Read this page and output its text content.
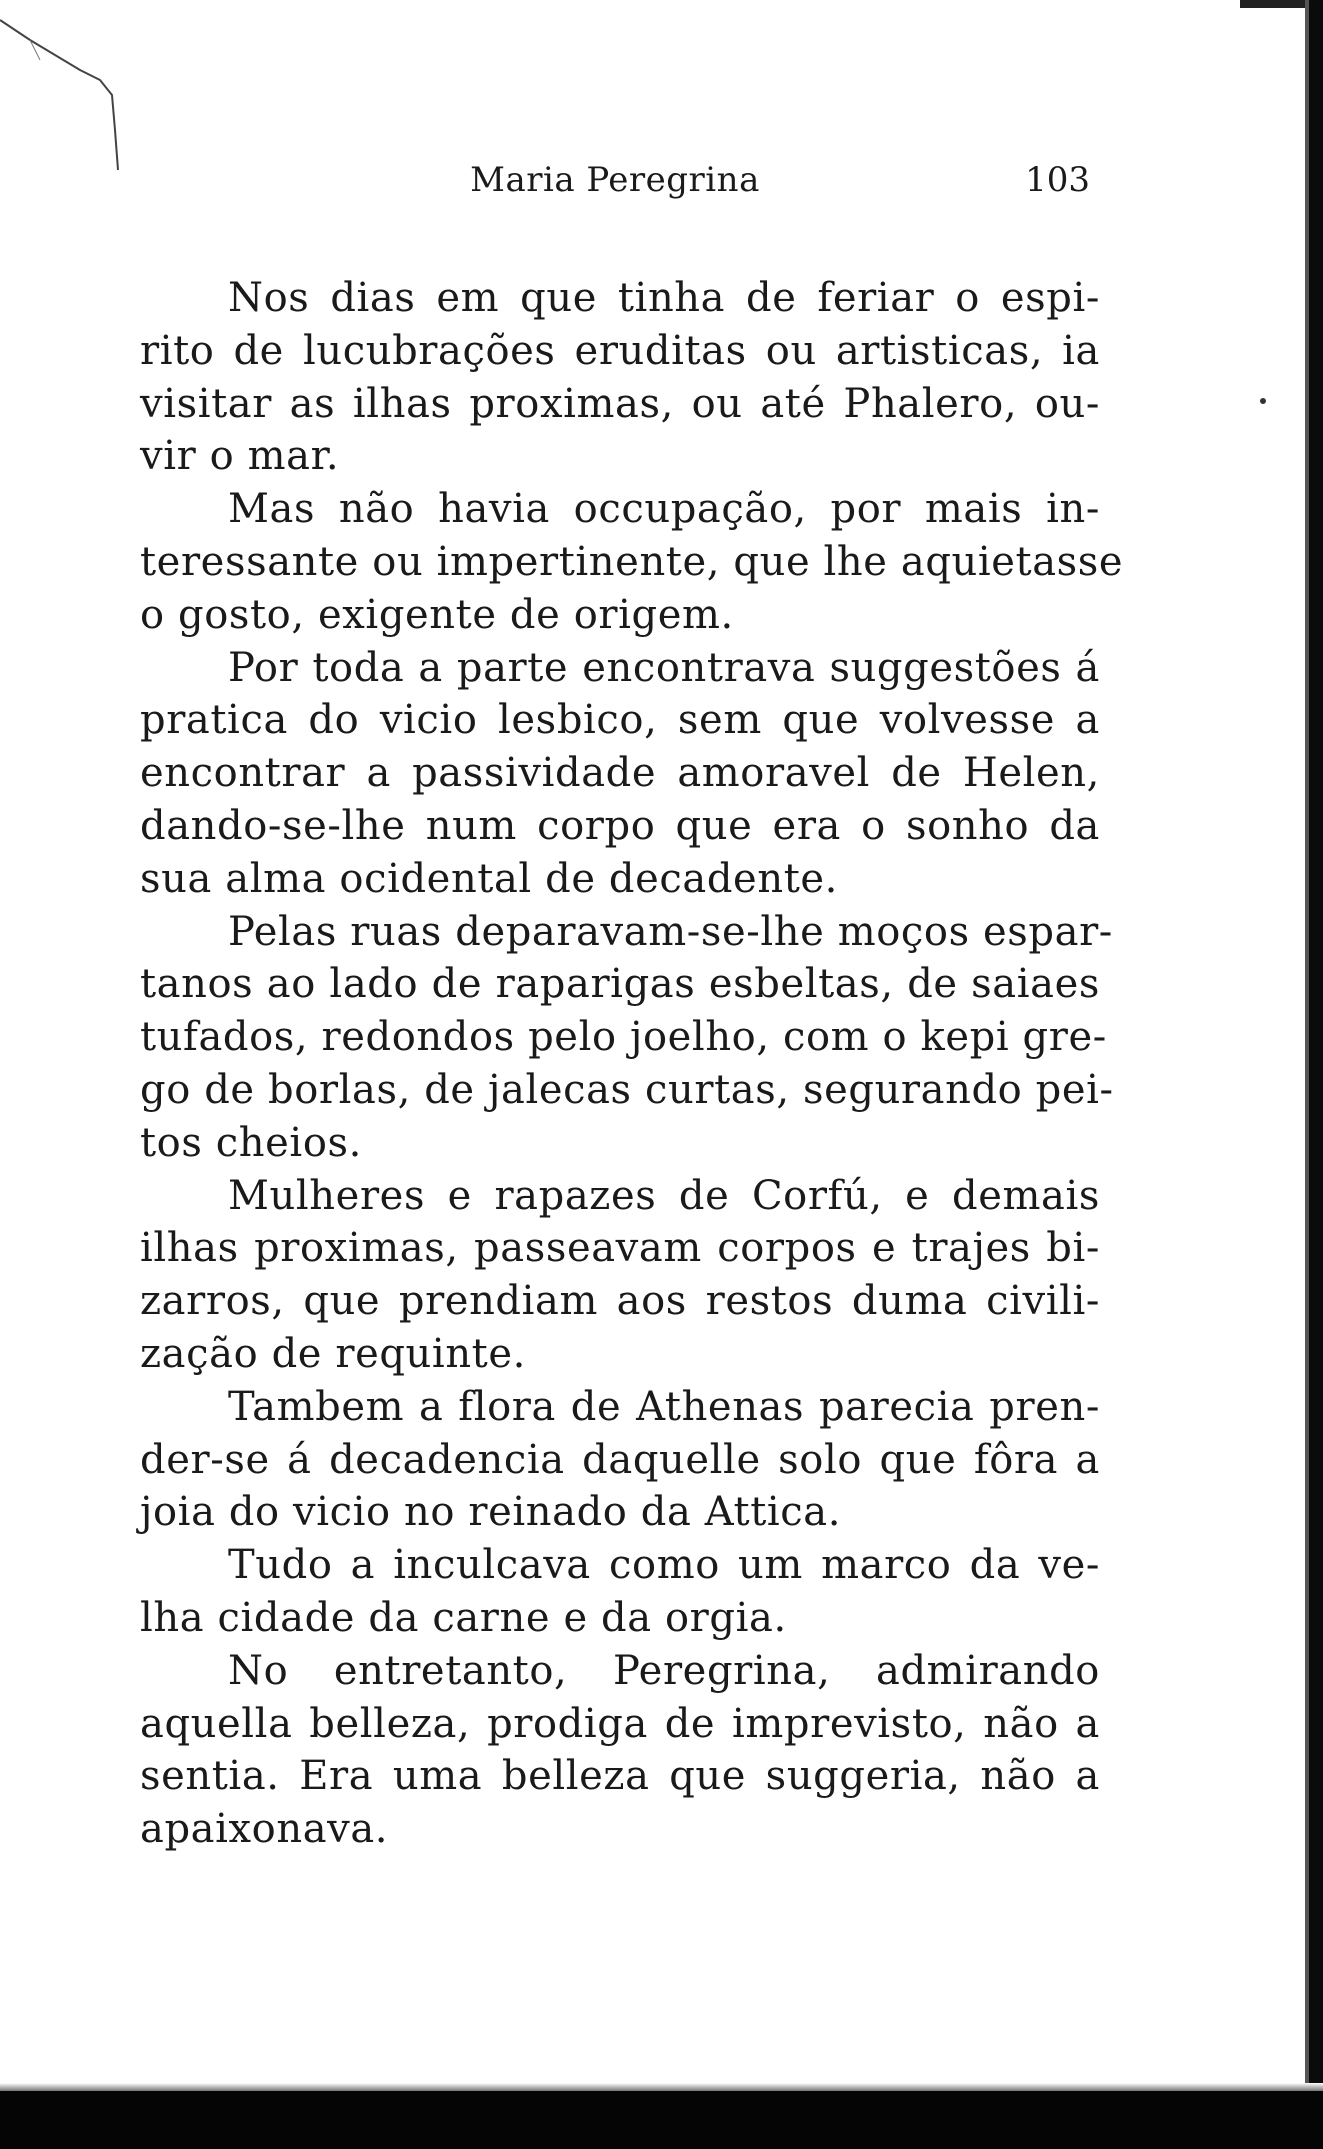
Maria Peregrina	103
Nos dias em que tinha de feriar o espi-
rito de lucubrações eruditas ou artisticas, ia
visitar as ilhas proximas, ou até Phalero, ou-
vir o mar.
Mas não havia occupação, por mais in-
teressante ou impertinente, que lhe aquietasse
o gosto, exigente de origem.
Por toda a parte encontrava suggestões á
pratica do vicio lesbico, sem que volvesse a
encontrar a passividade amoravel de Helen,
dando-se-lhe num corpo que era o sonho da
sua alma ocidental de decadente.
Pelas ruas deparavam-se-lhe moços espar-
tanos ao lado de raparigas esbeltas, de saiaes
tufados, redondos pelo joelho, com o kepi gre-
go de borlas, de jalecas curtas, segurando pei-
tos cheios.
Mulheres e rapazes de Corfú, e demais
ilhas proximas, passeavam corpos e trajes bi-
zarros, que prendiam aos restos duma civili-
zação de requinte.
Tambem a flora de Athenas parecia pren-
der-se á decadencia daquelle solo que fôra a
joia do vicio no reinado da Attica.
Tudo a inculcava como um marco da ve-
lha cidade da carne e da orgia.
No entretanto, Peregrina, admirando
aquella belleza, prodiga de imprevisto, não a
sentia. Era uma belleza que suggeria, não a
apaixonava.
